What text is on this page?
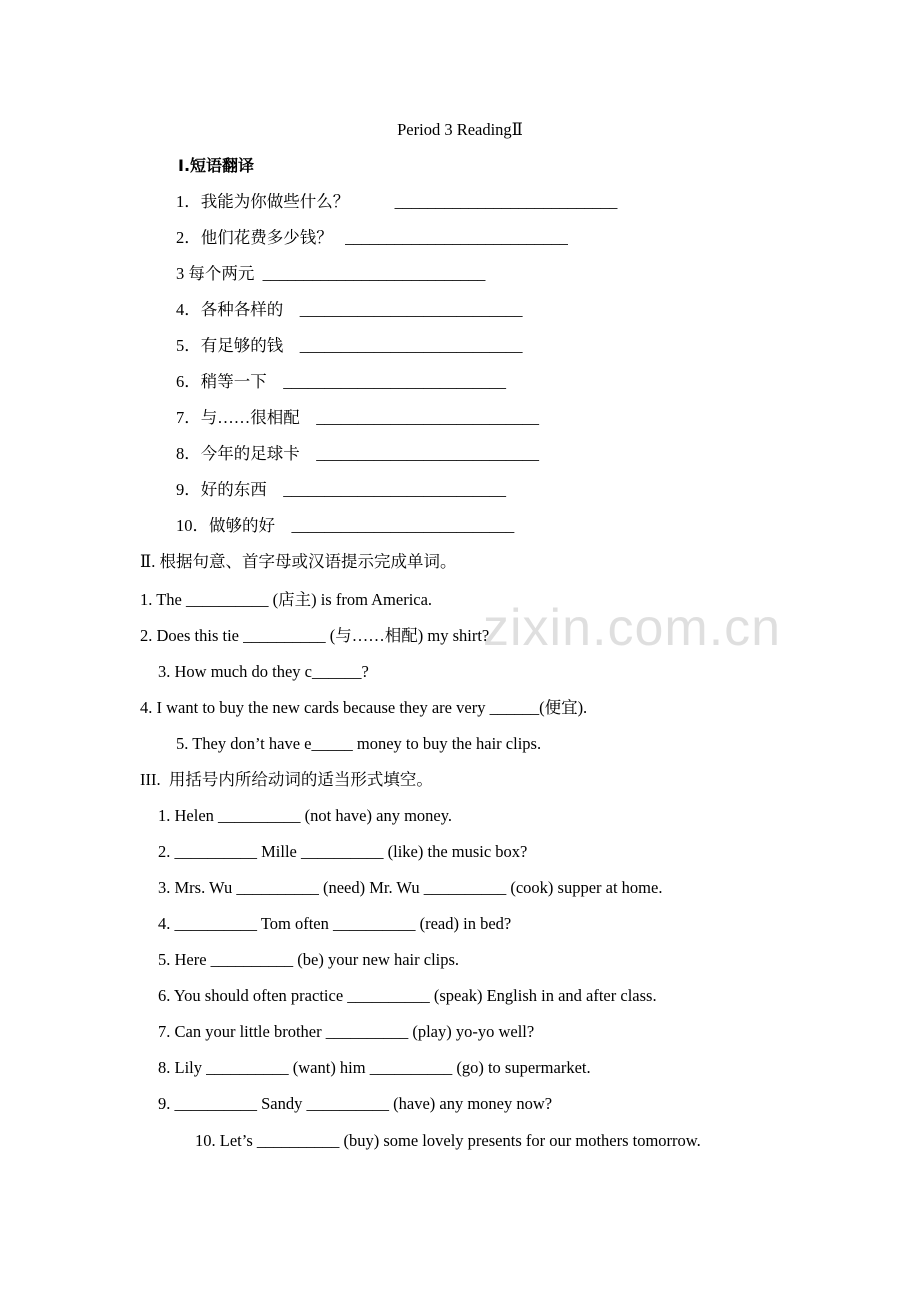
Period 3 ReadingⅡ
Ⅰ.短语翻译
1．我能为你做些什么？           ___________________________
2．他们花费多少钱？   ___________________________
3 每个两元  ___________________________
4．各种各样的    ___________________________
5．有足够的钱    ___________________________
6．稍等一下    ___________________________
7．与……很相配    ___________________________
8．今年的足球卡    ___________________________
9．好的东西    ___________________________
10．做够的好    ___________________________
Ⅱ. 根据句意、首字母或汉语提示完成单词。
1. The __________ (店主) is from America.
2. Does this tie __________ (与……相配) my shirt?
3. How much do they c______?
4. I want to buy the new cards because they are very ______(便宜).
5. They don’t have e_____ money to buy the hair clips.
III.  用括号内所给动词的适当形式填空。
1. Helen __________ (not have) any money.
2. __________ Mille __________ (like) the music box?
3. Mrs. Wu __________ (need) Mr. Wu __________ (cook) supper at home.
4. __________ Tom often __________ (read) in bed?
5. Here __________ (be) your new hair clips.
6. You should often practice __________ (speak) English in and after class.
7. Can your little brother __________ (play) yo-yo well?
8. Lily __________ (want) him __________ (go) to supermarket.
9. __________ Sandy __________ (have) any money now?
10. Let’s __________ (buy) some lovely presents for our mothers tomorrow.
zixin.com.cn
